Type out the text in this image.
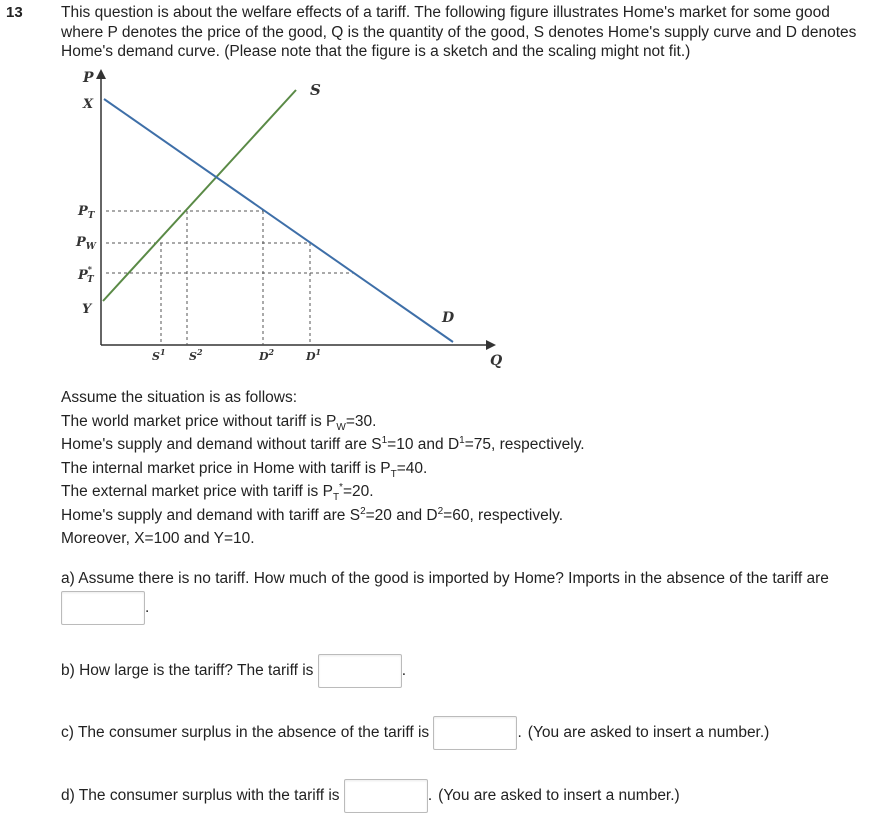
13 This question is about the welfare effects of a tariff. The following figure illustrates Home's market for some good where P denotes the price of the good, Q is the quantity of the good, S denotes Home's supply curve and D denotes Home's demand curve. (Please note that the figure is a sketch and the scaling might not fit.)
P
X
$P_T$
$P_W$
P* T
Y
S
D
Q
$S^1$ $S^2$	$D^2$	$D^1$
Assume the situation is as follows:
The world market price without tariff is $P_W=30$.
Home's supply and demand without tariff are $S^1=10$ and $D^1=75$, respectively.
The internal market price in Home with tariff is $P_T=40$.
The external market price with tariff is $P_T^*=20$.
Home's supply and demand with tariff are $S^2=20$ and $D^2=60$, respectively.
Moreover, X=100 and Y=10.
a) Assume there is no tariff. How much of the good is imported by Home? Imports in the absence of the tariff are
.
b) How large is the tariff? The tariff is	.
c) The consumer surplus in the absence of the tariff is	. (You are asked to insert a number.)
d) The consumer surplus with the tariff is	. (You are asked to insert a number.)
